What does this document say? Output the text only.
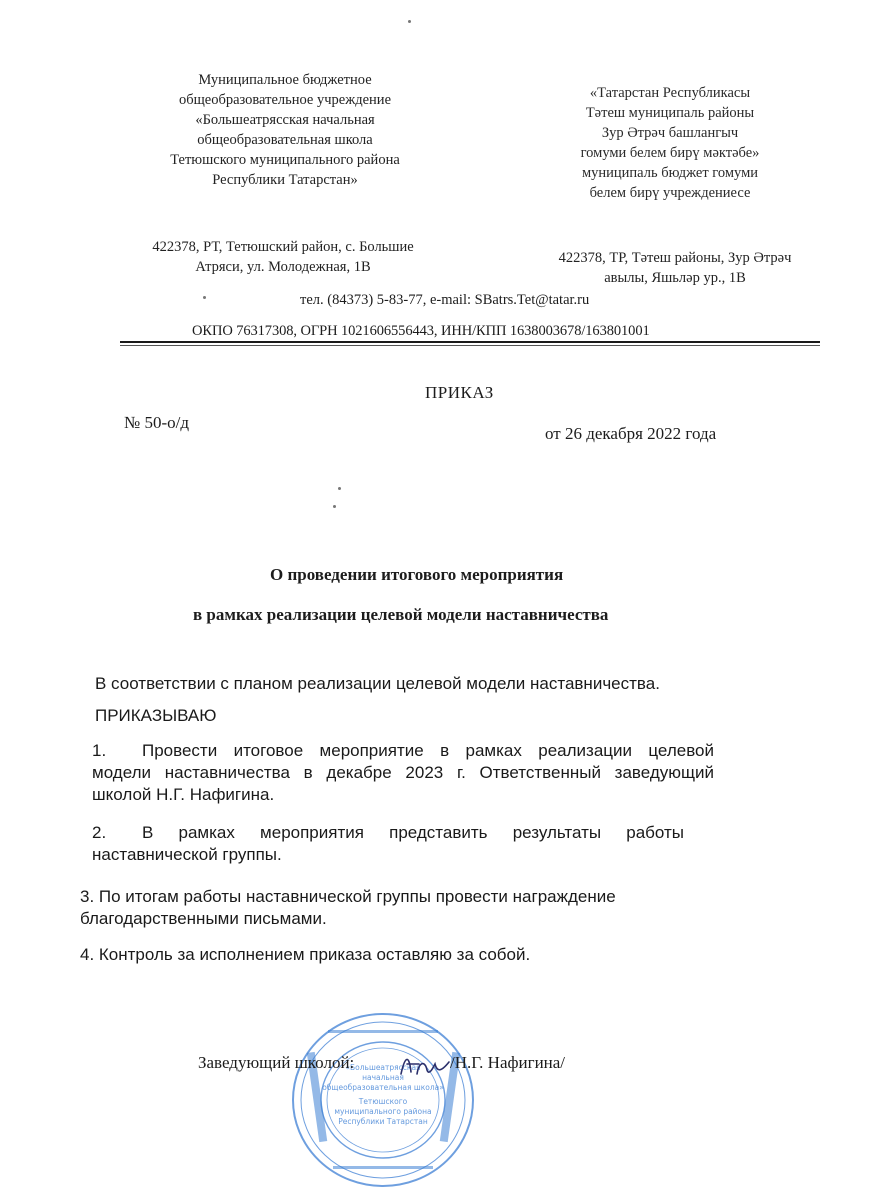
Муниципальное бюджетное
общеобразовательное учреждение
«Большеатрясская начальная
общеобразовательная школа
Тетюшского муниципального района
Республики Татарстан»
«Татарстан Республикасы
Тәтеш муниципаль районы
Зур Әтрәч башлангыч
гомуми белем бирү мәктәбе»
муниципаль бюджет гомуми
белем бирү учреждениесе
422378, РТ, Тетюшский район, с. Большие
Атряси, ул. Молодежная, 1В
422378, ТР, Тәтеш районы, Зур Әтрәч
авылы, Яшьләр ур., 1В
тел. (84373) 5-83-77, e-mail: SBatrs.Tet@tatar.ru
ОКПО 76317308, ОГРН 1021606556443, ИНН/КПП 1638003678/163801001
ПРИКАЗ
№ 50-о/д
от 26 декабря 2022 года
О проведении итогового мероприятия
в рамках реализации целевой модели наставничества
В соответствии с планом реализации целевой модели наставничества.
ПРИКАЗЫВАЮ
1. Провести итоговое мероприятие в рамках реализации целевой
модели наставничества в декабре 2023 г. Ответственный заведующий
школой Н.Г. Нафигина.
2. В рамках мероприятия представить результаты работы
наставнической группы.
3. По итогам работы наставнической группы провести награждение
благодарственными письмами.
4. Контроль за исполнением приказа оставляю за собой.
«Большеатрясская
начальная
общеобразовательная школа»
Тетюшского
муниципального района
Республики Татарстан
Заведующий школой:	/Н.Г. Нафигина/
